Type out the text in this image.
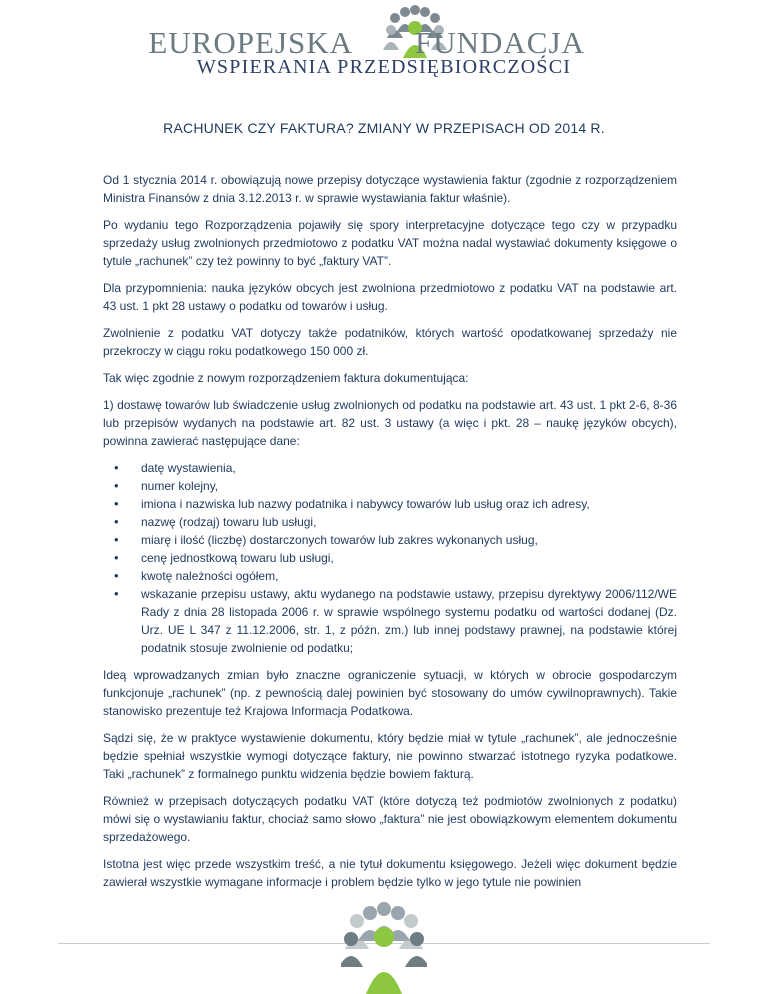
EUROPEJSKA FUNDACJA
WSPIERANIA PRZEDSIĘBIORCZOŚCI
RACHUNEK CZY FAKTURA? ZMIANY W PRZEPISACH OD 2014 R.

Od 1 stycznia 2014 r. obowiązują nowe przepisy dotyczące wystawienia faktur (zgodnie z rozporządzeniem Ministra Finansów z dnia 3.12.2013 r. w sprawie wystawiania faktur właśnie).

Po wydaniu tego Rozporządzenia pojawiły się spory interpretacyjne dotyczące tego czy w przypadku sprzedaży usług zwolnionych przedmiotowo z podatku VAT można nadal wystawiać dokumenty księgowe o tytule „rachunek” czy też powinny to być „faktury VAT”.

Dla przypomnienia: nauka języków obcych jest zwolniona przedmiotowo z podatku VAT na podstawie art. 43 ust. 1 pkt 28 ustawy o podatku od towarów i usług.

Zwolnienie z podatku VAT dotyczy także podatników, których wartość opodatkowanej sprzedaży nie przekroczy w ciągu roku podatkowego 150 000 zł.

Tak więc zgodnie z nowym rozporządzeniem faktura dokumentująca:

1) dostawę towarów lub świadczenie usług zwolnionych od podatku na podstawie art. 43 ust. 1 pkt 2-6, 8-36 lub przepisów wydanych na podstawie art. 82 ust. 3 ustawy (a więc i pkt. 28 – naukę języków obcych), powinna zawierać następujące dane:

• datę wystawienia,
• numer kolejny,
• imiona i nazwiska lub nazwy podatnika i nabywcy towarów lub usług oraz ich adresy,
• nazwę (rodzaj) towaru lub usługi,
• miarę i ilość (liczbę) dostarczonych towarów lub zakres wykonanych usług,
• cenę jednostkową towaru lub usługi,
• kwotę należności ogółem,
• wskazanie przepisu ustawy, aktu wydanego na podstawie ustawy, przepisu dyrektywy 2006/112/WE Rady z dnia 28 listopada 2006 r. w sprawie wspólnego systemu podatku od wartości dodanej (Dz. Urz. UE L 347 z 11.12.2006, str. 1, z późn. zm.) lub innej podstawy prawnej, na podstawie której podatnik stosuje zwolnienie od podatku;

Ideą wprowadzanych zmian było znaczne ograniczenie sytuacji, w których w obrocie gospodarczym funkcjonuje „rachunek” (np. z pewnością dalej powinien być stosowany do umów cywilnoprawnych). Takie stanowisko prezentuje też Krajowa Informacja Podatkowa.

Sądzi się, że w praktyce wystawienie dokumentu, który będzie miał w tytule „rachunek”, ale jednocześnie będzie spełniał wszystkie wymogi dotyczące faktury, nie powinno stwarzać istotnego ryzyka podatkowe. Taki „rachunek” z formalnego punktu widzenia będzie bowiem fakturą.

Również w przepisach dotyczących podatku VAT (które dotyczą też podmiotów zwolnionych z podatku) mówi się o wystawianiu faktur, chociaż samo słowo „faktura” nie jest obowiązkowym elementem dokumentu sprzedażowego.

Istotna jest więc przede wszystkim treść, a nie tytuł dokumentu księgowego. Jeżeli więc dokument będzie zawierał wszystkie wymagane informacje i problem będzie tylko w jego tytule nie powinien
